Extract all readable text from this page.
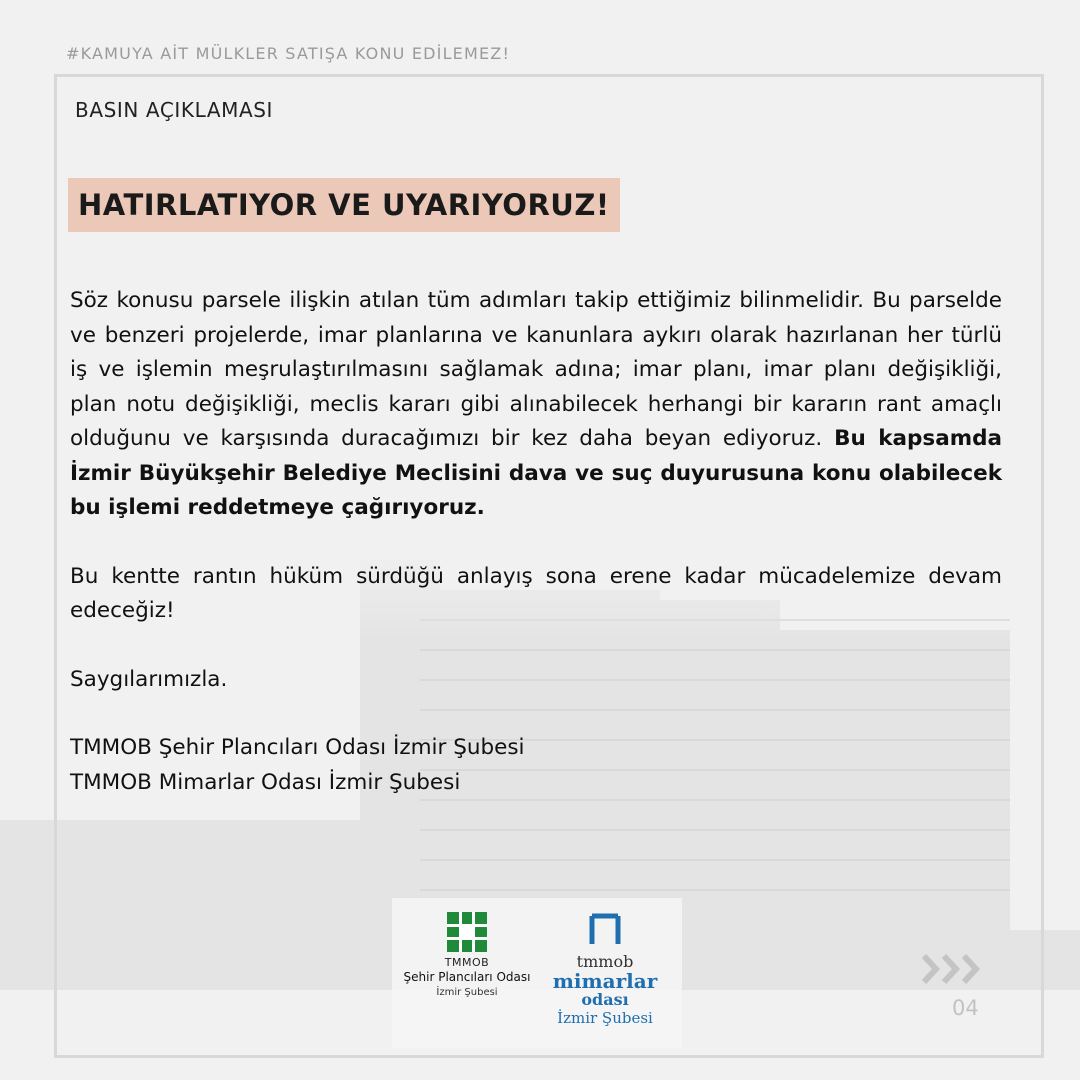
#KAMUYA AİT MÜLKLER SATIŞA KONU EDİLEMEZ!
BASIN AÇIKLAMASI
HATIRLATIYOR VE UYARIYORUZ!

Söz konusu parsele ilişkin atılan tüm adımları takip ettiğimiz bilinmelidir. Bu parselde ve benzeri projelerde, imar planlarına ve kanunlara aykırı olarak hazırlanan her türlü iş ve işlemin meşrulaştırılmasını sağlamak adına; imar planı, imar planı değişikliği, plan notu değişikliği, meclis kararı gibi alınabilecek herhangi bir kararın rant amaçlı olduğunu ve karşısında duracağımızı bir kez daha beyan ediyoruz. Bu kapsamda İzmir Büyükşehir Belediye Meclisini dava ve suç duyurusuna konu olabilecek bu işlemi reddetmeye çağırıyoruz.

Bu kentte rantın hüküm sürdüğü anlayış sona erene kadar mücadelemize devam edeceğiz!

Saygılarımızla.

TMMOB Şehir Plancıları Odası İzmir Şubesi

TMMOB Mimarlar Odası İzmir Şubesi

TMMOB
Şehir Plancıları Odası
İzmir Şubesi
tmmob
mimarlar
odası
İzmir Şubesi	04
